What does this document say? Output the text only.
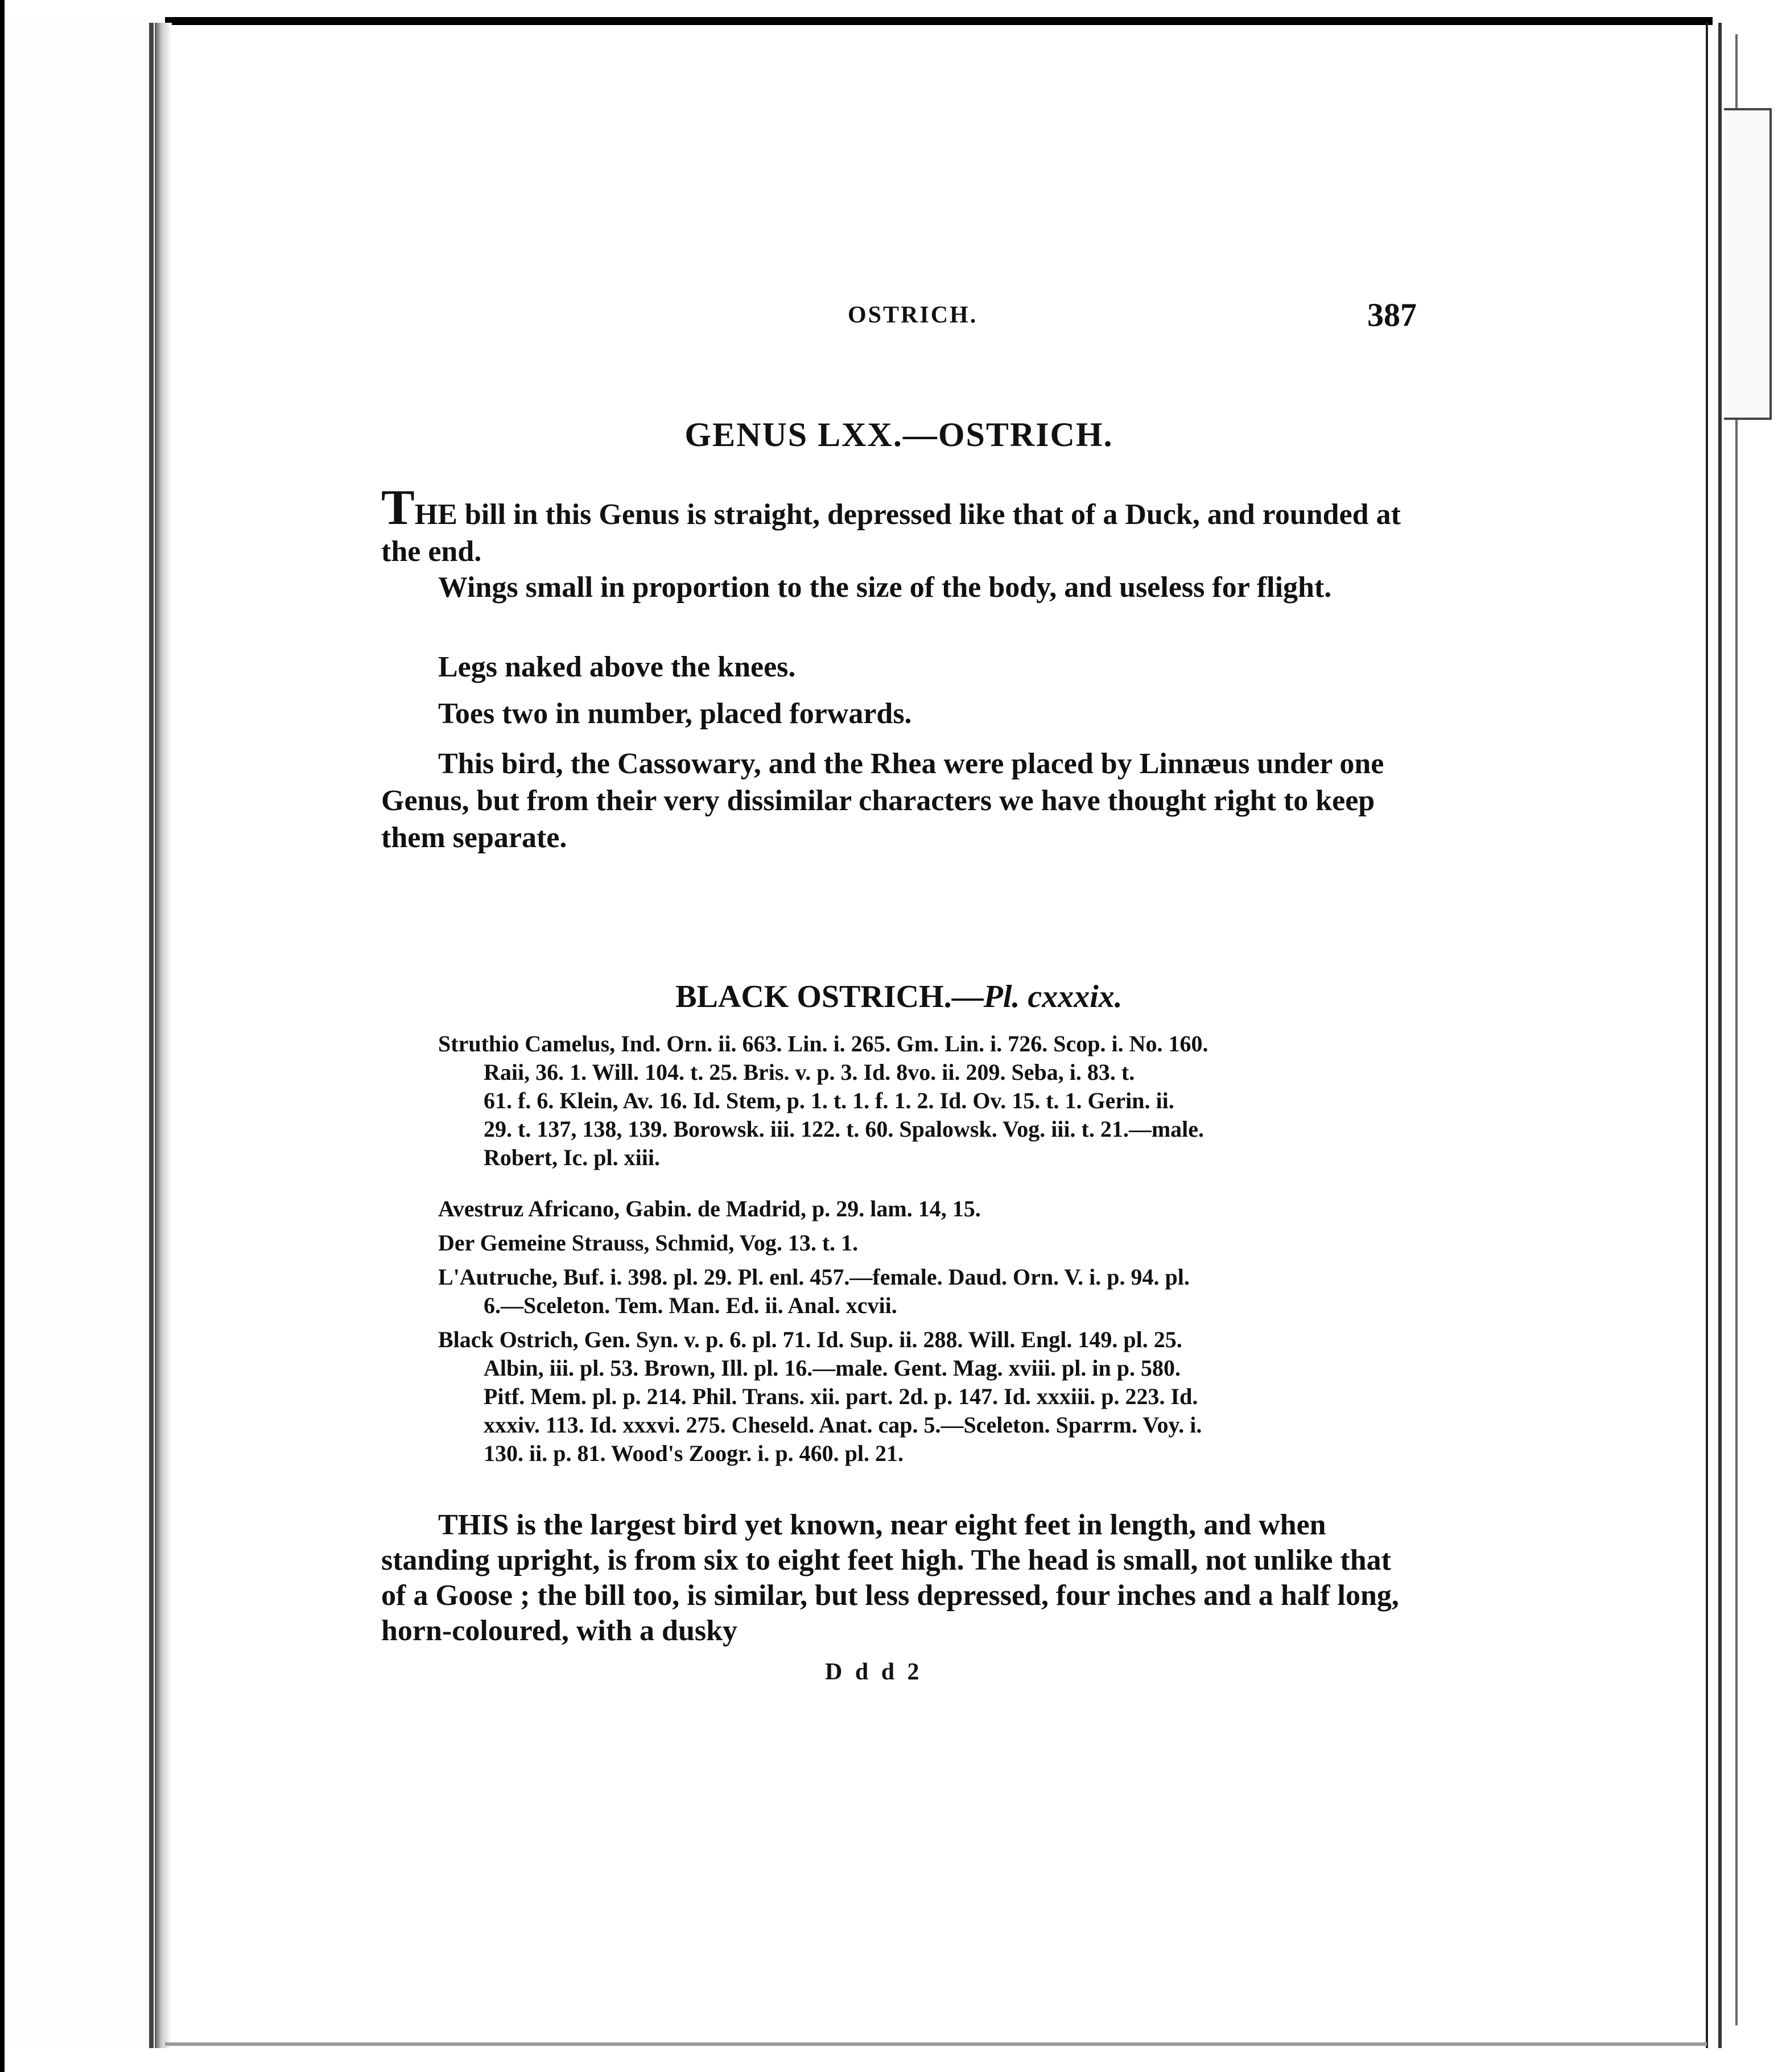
OSTRICH.	387
GENUS LXX.—OSTRICH.
THE bill in this Genus is straight, depressed like that of a Duck, and rounded at the end.
Wings small in proportion to the size of the body, and useless for flight.
Legs naked above the knees.
Toes two in number, placed forwards.
This bird, the Cassowary, and the Rhea were placed by Linnæus under one Genus, but from their very dissimilar characters we have thought right to keep them separate.
BLACK OSTRICH.—Pl. cxxxix.
Struthio Camelus, Ind. Orn. ii. 663. Lin. i. 265. Gm. Lin. i. 726. Scop. i. No. 160.
Raii, 36. 1. Will. 104. t. 25. Bris. v. p. 3. Id. 8vo. ii. 209. Seba, i. 83. t.
61. f. 6. Klein, Av. 16. Id. Stem, p. 1. t. 1. f. 1. 2. Id. Ov. 15. t. 1. Gerin. ii.
29. t. 137, 138, 139. Borowsk. iii. 122. t. 60. Spalowsk. Vog. iii. t. 21.—male.
Robert, Ic. pl. xiii.
Avestruz Africano, Gabin. de Madrid, p. 29. lam. 14, 15.
Der Gemeine Strauss, Schmid, Vog. 13. t. 1.
L'Autruche, Buf. i. 398. pl. 29. Pl. enl. 457.—female. Daud. Orn. V. i. p. 94. pl.
6.—Sceleton. Tem. Man. Ed. ii. Anal. xcvii.
Black Ostrich, Gen. Syn. v. p. 6. pl. 71. Id. Sup. ii. 288. Will. Engl. 149. pl. 25.
Albin, iii. pl. 53. Brown, Ill. pl. 16.—male. Gent. Mag. xviii. pl. in p. 580.
Pitf. Mem. pl. p. 214. Phil. Trans. xii. part. 2d. p. 147. Id. xxxiii. p. 223. Id.
xxxiv. 113. Id. xxxvi. 275. Cheseld. Anat. cap. 5.—Sceleton. Sparrm. Voy. i.
130. ii. p. 81. Wood's Zoogr. i. p. 460. pl. 21.
THIS is the largest bird yet known, near eight feet in length, and when standing upright, is from six to eight feet high. The head is small, not unlike that of a Goose ; the bill too, is similar, but less depressed, four inches and a half long, horn-coloured, with a dusky
D d d 2
